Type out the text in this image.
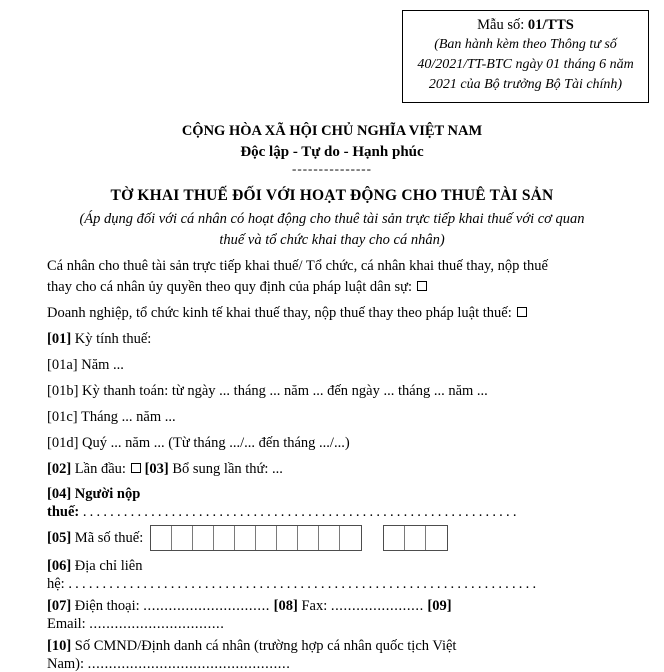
Mẫu số: 01/TTS
(Ban hành kèm theo Thông tư số
40/2021/TT-BTC ngày 01 tháng 6 năm
2021 của Bộ trưởng Bộ Tài chính)
CỘNG HÒA XÃ HỘI CHỦ NGHĨA VIỆT NAM
Độc lập - Tự do - Hạnh phúc
---------------
TỜ KHAI THUẾ ĐỐI VỚI HOẠT ĐỘNG CHO THUÊ TÀI SẢN
(Áp dụng đối với cá nhân có hoạt động cho thuê tài sản trực tiếp khai thuế với cơ quan
thuế và tổ chức khai thay cho cá nhân)

Cá nhân cho thuê tài sản trực tiếp khai thuế/ Tổ chức, cá nhân khai thuế thay, nộp thuế
thay cho cá nhân ủy quyền theo quy định của pháp luật dân sự:

Doanh nghiệp, tổ chức kinh tế khai thuế thay, nộp thuế thay theo pháp luật thuế:

[01] Kỳ tính thuế:

[01a] Năm ...

[01b] Kỳ thanh toán: từ ngày ... tháng ... năm ... đến ngày ... tháng ... năm ...

[01c] Tháng ... năm ...

[01d] Quý ... năm ... (Từ tháng .../... đến tháng .../...)

[02] Lần đầu: [03] Bổ sung lần thứ: ...

[04] Người nộp
thuế: ................................................................

[05] Mã số thuế:

[06] Địa chỉ liên
hệ: .....................................................................

[07] Điện thoại: .............................. [08] Fax: ...................... [09]
Email: ................................

[10] Số CMND/Định danh cá nhân (trường hợp cá nhân quốc tịch Việt
Nam): ................................................
